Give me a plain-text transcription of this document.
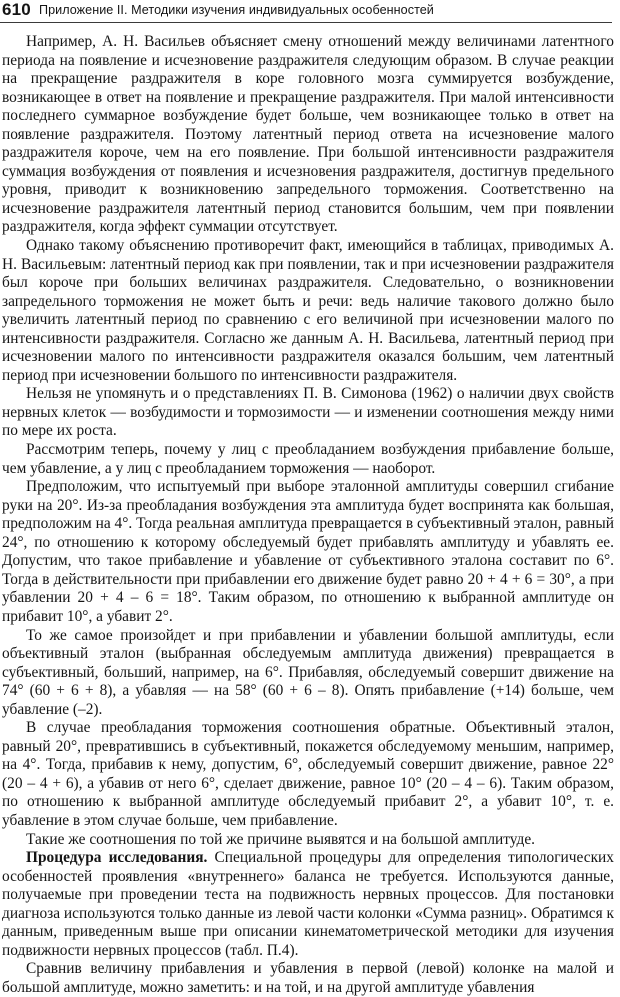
610 $^{Приложение II. Методики изучения индивидуальных особенностей}$

Например, А. Н. Васильев объясняет смену отношений между величинами латентного периода на появление и исчезновение раздражителя следующим образом. В случае реакции на прекращение раздражителя в коре головного мозга суммируется возбуждение, возникающее в ответ на появление и прекращение раздражителя. При малой интенсивности последнего суммарное возбуждение будет больше, чем возникающее только в ответ на появление раздражителя. Поэтому латентный период ответа на исчезновение малого раздражителя короче, чем на его появление. При большой интенсивности раздражителя суммация возбуждения от появления и исчезновения раздражителя, достигнув предельного уровня, приводит к возникновению запредельного торможения. Соответственно на исчезновение раздражителя латентный период становится большим, чем при появлении раздражителя, когда эффект суммации отсутствует.

Однако такому объяснению противоречит факт, имеющийся в таблицах, приводимых А. Н. Васильевым: латентный период как при появлении, так и при исчезновении раздражителя был короче при больших величинах раздражителя. Следовательно, о возникновении запредельного торможения не может быть и речи: ведь наличие такового должно было увеличить латентный период по сравнению с его величиной при исчезновении малого по интенсивности раздражителя. Согласно же данным А. Н. Васильева, латентный период при исчезновении малого по интенсивности раздражителя оказался большим, чем латентный период при исчезновении большого по интенсивности раздражителя.

Нельзя не упомянуть и о представлениях П. В. Симонова (1962) о наличии двух свойств нервных клеток — возбудимости и тормозимости — и изменении соотношения между ними по мере их роста.

Рассмотрим теперь, почему у лиц с преобладанием возбуждения прибавление больше, чем убавление, а у лиц с преобладанием торможения — наоборот.

Предположим, что испытуемый при выборе эталонной амплитуды совершил сгибание руки на 20°. Из-за преобладания возбуждения эта амплитуда будет воспринята как большая, предположим на 4°. Тогда реальная амплитуда превращается в субъективный эталон, равный 24°, по отношению к которому обследуемый будет прибавлять амплитуду и убавлять ее. Допустим, что такое прибавление и убавление от субъективного эталона составит по 6°. Тогда в действительности при прибавлении его движение будет равно 20 + 4 + 6 = 30°, а при убавлении 20 + 4 – 6 = 18°. Таким образом, по отношению к выбранной амплитуде он прибавит 10°, а убавит 2°.

То же самое произойдет и при прибавлении и убавлении большой амплитуды, если объективный эталон (выбранная обследуемым амплитуда движения) превращается в субъективный, больший, например, на 6°. Прибавляя, обследуемый совершит движение на 74° (60 + 6 + 8), а убавляя — на 58° (60 + 6 – 8). Опять прибавление (+14) больше, чем убавление (–2).

В случае преобладания торможения соотношения обратные. Объективный эталон, равный 20°, превратившись в субъективный, покажется обследуемому меньшим, например, на 4°. Тогда, прибавив к нему, допустим, 6°, обследуемый совершит движение, равное 22° (20 – 4 + 6), а убавив от него 6°, сделает движение, равное 10° (20 – 4 – 6). Таким образом, по отношению к выбранной амплитуде обследуемый прибавит 2°, а убавит 10°, т. е. убавление в этом случае больше, чем прибавление.

Такие же соотношения по той же причине выявятся и на большой амплитуде.

Процедура исследования. Специальной процедуры для определения типологических особенностей проявления «внутреннего» баланса не требуется. Используются данные, получаемые при проведении теста на подвижность нервных процессов. Для постановки диагноза используются только данные из левой части колонки «Сумма разниц». Обратимся к данным, приведенным выше при описании кинематометрической методики для изучения подвижности нервных процессов (табл. П.4).

Сравнив величину прибавления и убавления в первой (левой) колонке на малой и большой амплитуде, можно заметить: и на той, и на другой амплитуде убавления
